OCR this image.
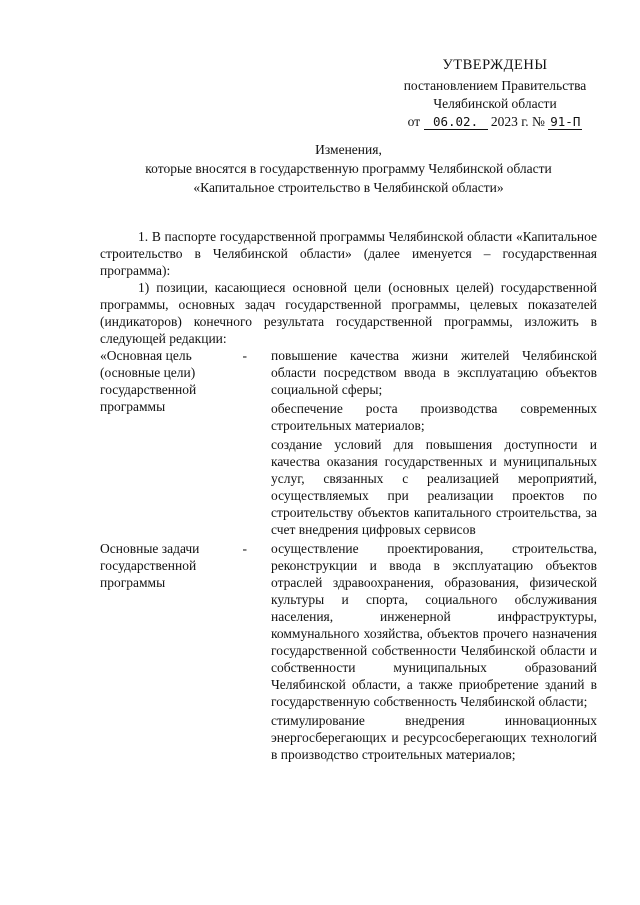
УТВЕРЖДЕНЫ
постановлением Правительства
Челябинской области
от 06.02. 2023 г. № 91-П
Изменения,
которые вносятся в государственную программу Челябинской области
«Капитальное строительство в Челябинской области»

1. В паспорте государственной программы Челябинской области «Капитальное строительство в Челябинской области» (далее именуется – государственная программа):

1) позиции, касающиеся основной цели (основных целей) государственной программы, основных задач государственной программы, целевых показателей (индикаторов) конечного результата государственной программы, изложить в следующей редакции:

«Основная цель
(основные цели)
государственной
программы
- повышение качества жизни жителей Челябинской области посредством ввода в эксплуатацию объектов социальной сферы;

обеспечение роста производства современных строительных материалов;

создание условий для повышения доступности и качества оказания государственных и муниципальных услуг, связанных с реализацией мероприятий, осуществляемых при реализации проектов по строительству объектов капитального строительства, за счет внедрения цифровых сервисов

Основные задачи
государственной
программы
- осуществление проектирования, строительства, реконструкции и ввода в эксплуатацию объектов отраслей здравоохранения, образования, физической культуры и спорта, социального обслуживания населения, инженерной инфраструктуры, коммунального хозяйства, объектов прочего назначения государственной собственности Челябинской области и собственности муниципальных образований Челябинской области, а также приобретение зданий в государственную собственность Челябинской области;

стимулирование внедрения инновационных энергосберегающих и ресурсосберегающих технологий в производство строительных материалов;
